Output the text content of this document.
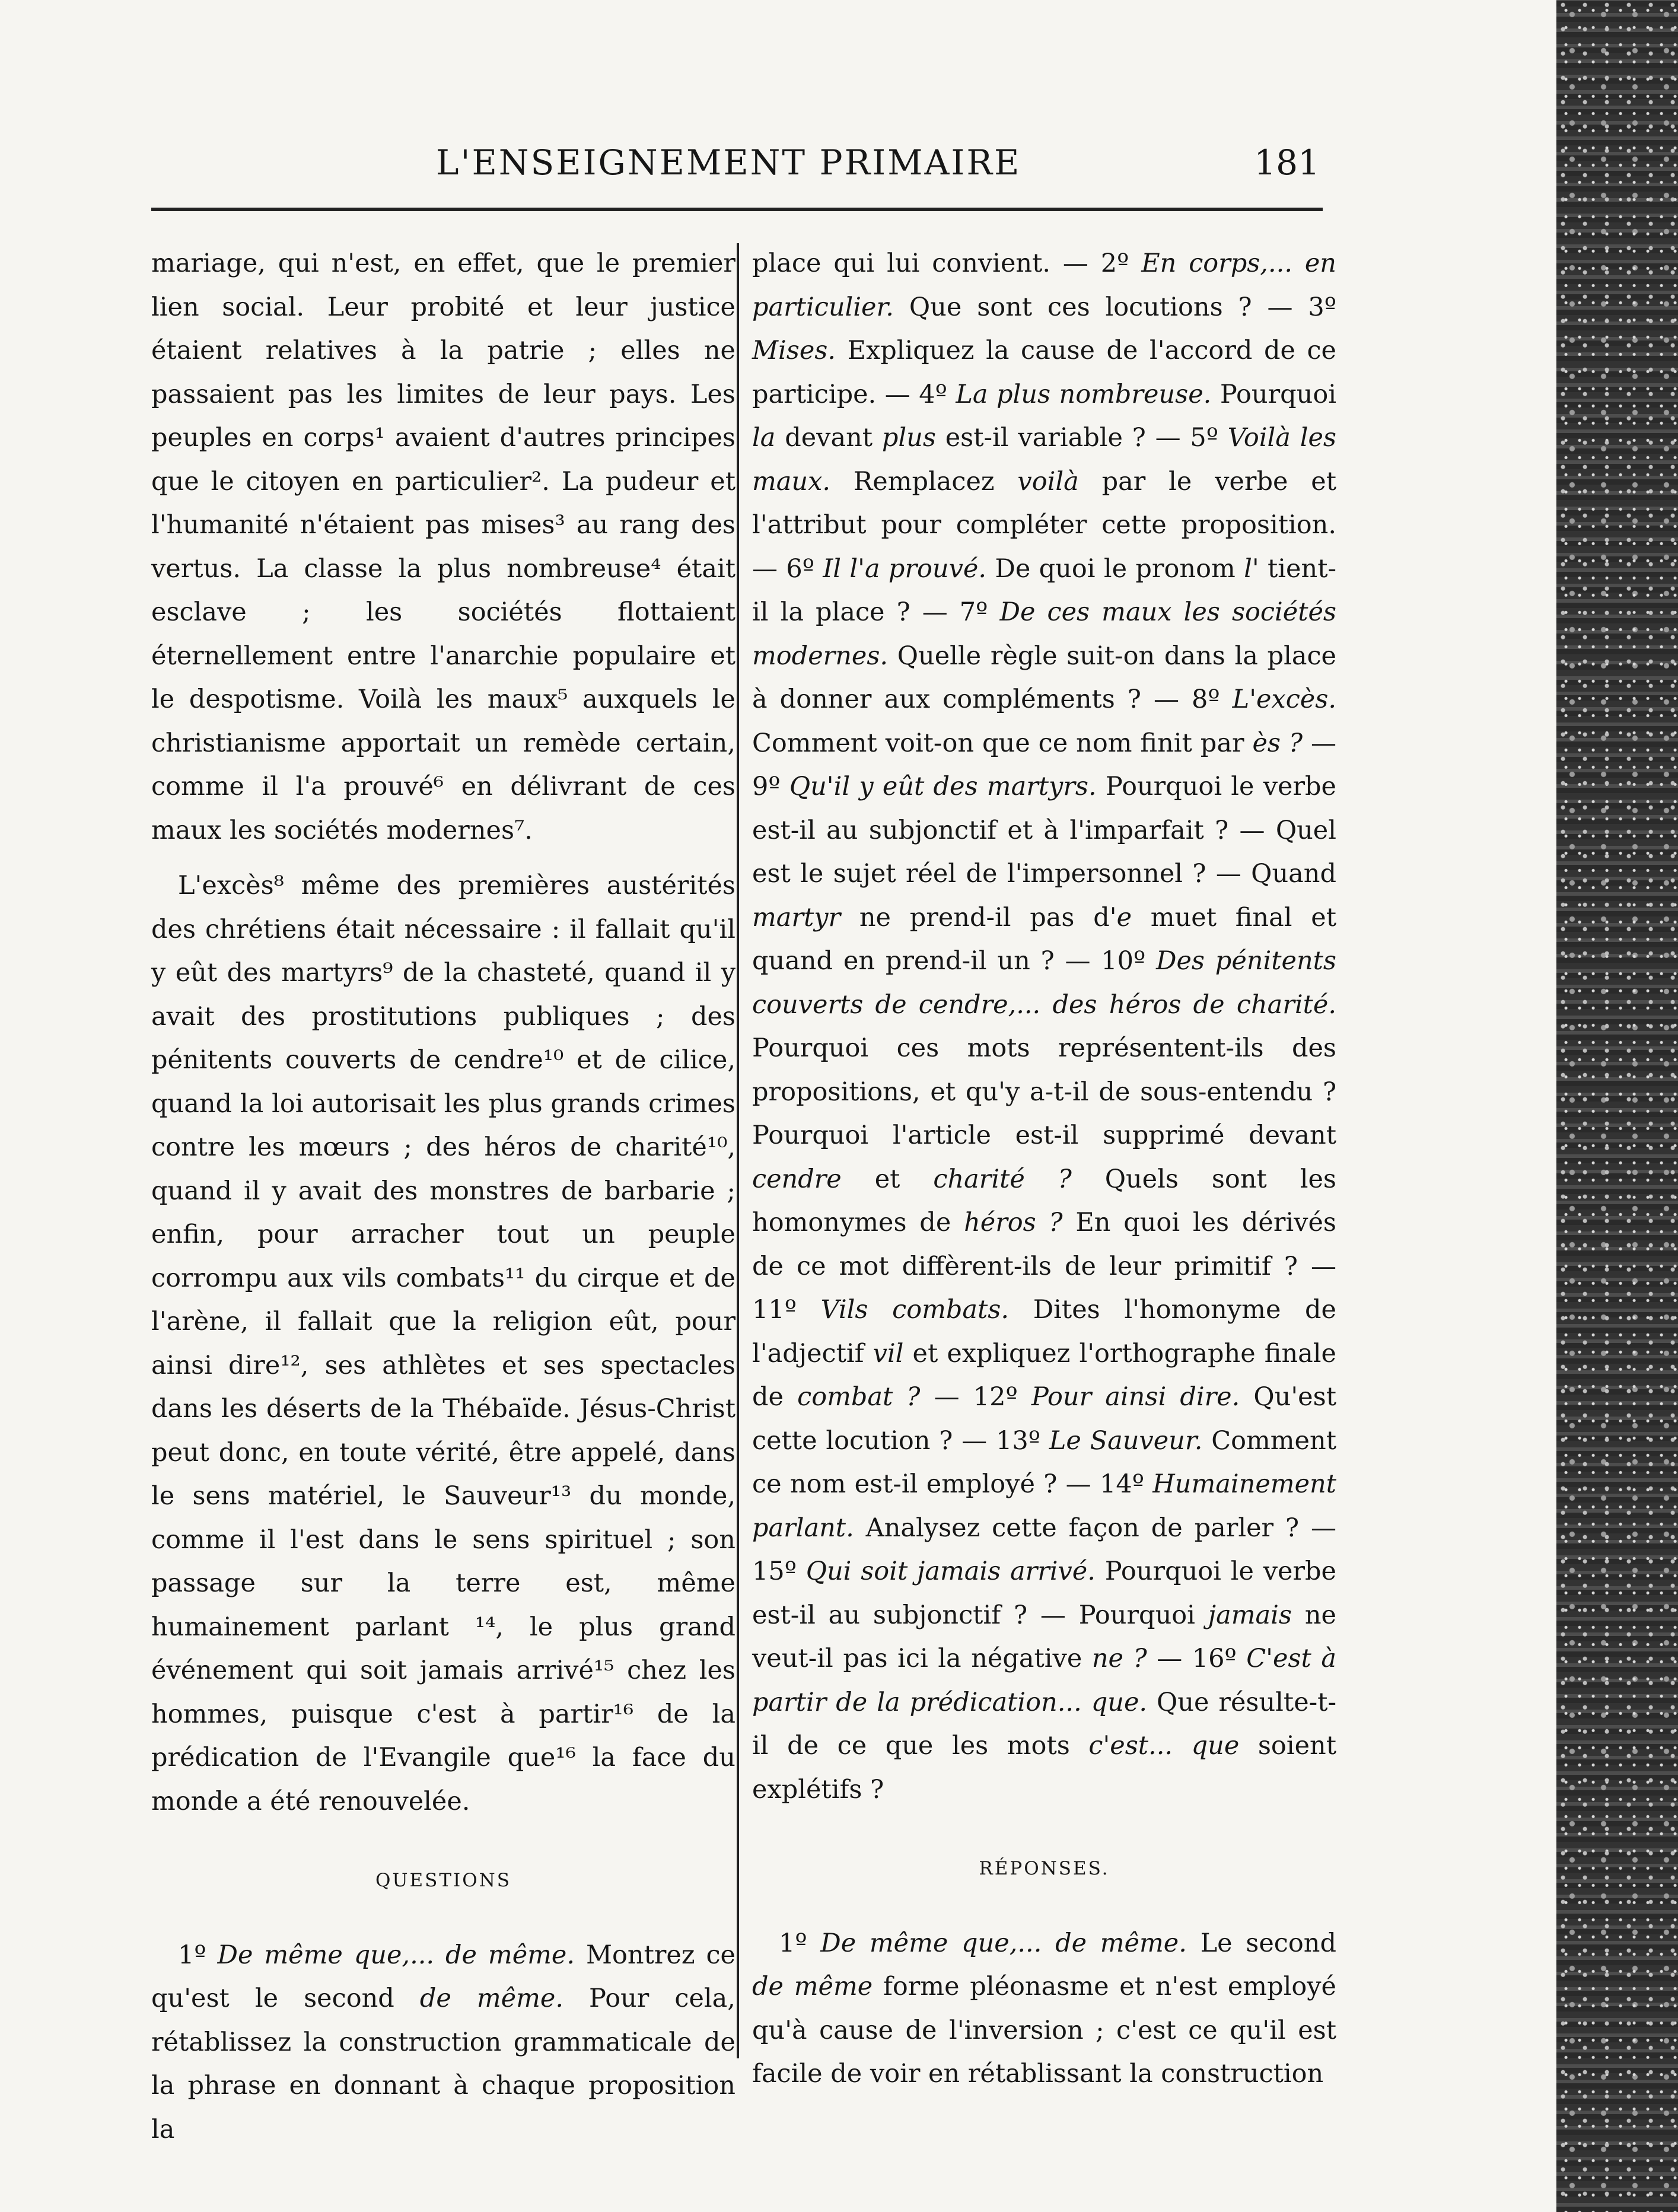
L'ENSEIGNEMENT PRIMAIRE	181

mariage, qui n'est, en effet, que le premier lien social. Leur probité et leur justice étaient relatives à la patrie ; elles ne passaient pas les limites de leur pays. Les peuples en corps¹ avaient d'autres principes que le citoyen en particulier². La pudeur et l'humanité n'étaient pas mises³ au rang des vertus. La classe la plus nombreuse⁴ était esclave ; les sociétés flottaient éternellement entre l'anarchie populaire et le despotisme. Voilà les maux⁵ auxquels le christianisme apportait un remède certain, comme il l'a prouvé⁶ en délivrant de ces maux les sociétés modernes⁷.

L'excès⁸ même des premières austérités des chrétiens était nécessaire : il fallait qu'il y eût des martyrs⁹ de la chasteté, quand il y avait des prostitutions publiques ; des pénitents couverts de cendre¹⁰ et de cilice, quand la loi autorisait les plus grands crimes contre les mœurs ; des héros de charité¹⁰, quand il y avait des monstres de barbarie ; enfin, pour arracher tout un peuple corrompu aux vils combats¹¹ du cirque et de l'arène, il fallait que la religion eût, pour ainsi dire¹², ses athlètes et ses spectacles dans les déserts de la Thébaïde. Jésus-Christ peut donc, en toute vérité, être appelé, dans le sens matériel, le Sauveur¹³ du monde, comme il l'est dans le sens spirituel ; son passage sur la terre est, même humainement parlant ¹⁴, le plus grand événement qui soit jamais arrivé¹⁵ chez les hommes, puisque c'est à partir¹⁶ de la prédication de l'Evangile que¹⁶ la face du monde a été renouvelée.

QUESTIONS

1º De même que,... de même. Montrez ce qu'est le second de même. Pour cela, rétablissez la construction grammaticale de la phrase en donnant à chaque proposition la

place qui lui convient. — 2º En corps,... en particulier. Que sont ces locutions ? — 3º Mises. Expliquez la cause de l'accord de ce participe. — 4º La plus nombreuse. Pourquoi la devant plus est-il variable ? — 5º Voilà les maux. Remplacez voilà par le verbe et l'attribut pour compléter cette proposition. — 6º Il l'a prouvé. De quoi le pronom l' tient-il la place ? — 7º De ces maux les sociétés modernes. Quelle règle suit-on dans la place à donner aux compléments ? — 8º L'excès. Comment voit-on que ce nom finit par ès ? — 9º Qu'il y eût des martyrs. Pourquoi le verbe est-il au subjonctif et à l'imparfait ? — Quel est le sujet réel de l'impersonnel ? — Quand martyr ne prend-il pas d'e muet final et quand en prend-il un ? — 10º Des pénitents couverts de cendre,... des héros de charité. Pourquoi ces mots représentent-ils des propositions, et qu'y a-t-il de sous-entendu ? Pourquoi l'article est-il supprimé devant cendre et charité ? Quels sont les homonymes de héros ? En quoi les dérivés de ce mot diffèrent-ils de leur primitif ? — 11º Vils combats. Dites l'homonyme de l'adjectif vil et expliquez l'orthographe finale de combat ? — 12º Pour ainsi dire. Qu'est cette locution ? — 13º Le Sauveur. Comment ce nom est-il employé ? — 14º Humainement parlant. Analysez cette façon de parler ? — 15º Qui soit jamais arrivé. Pourquoi le verbe est-il au subjonctif ? — Pourquoi jamais ne veut-il pas ici la négative ne ? — 16º C'est à partir de la prédication... que. Que résulte-t-il de ce que les mots c'est... que soient explétifs ?

RÉPONSES.

1º De même que,... de même. Le second de même forme pléonasme et n'est employé qu'à cause de l'inversion ; c'est ce qu'il est facile de voir en rétablissant la construction
